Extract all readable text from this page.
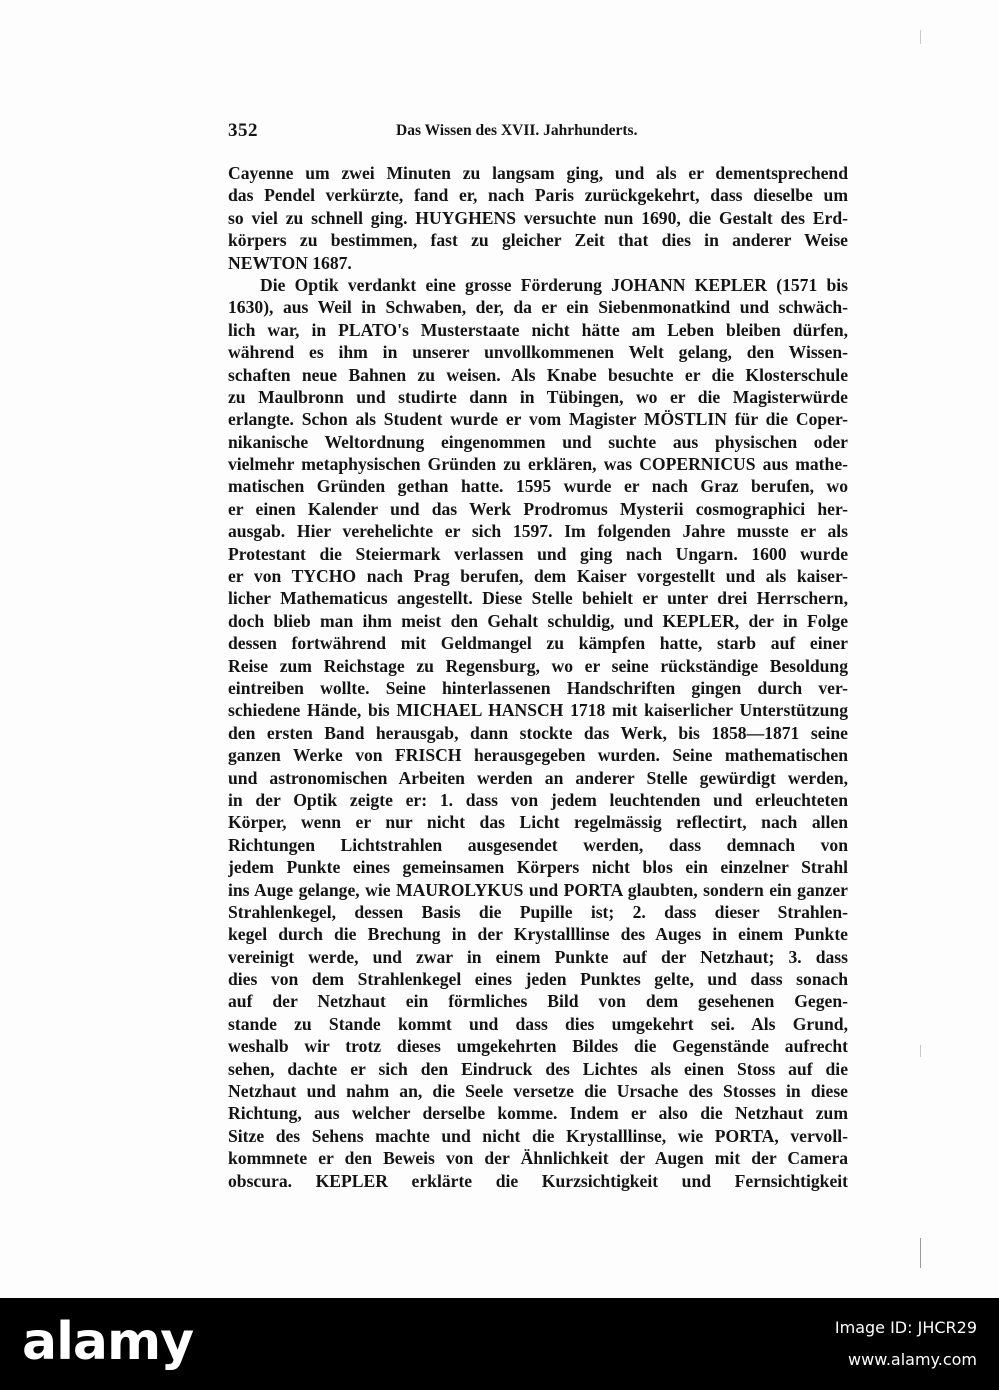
352	Das Wissen des XVII. Jahrhunderts.
Cayenne um zwei Minuten zu langsam ging, und als er dementsprechend
das Pendel verkürzte, fand er, nach Paris zurückgekehrt, dass dieselbe um
so viel zu schnell ging. HUYGHENS versuchte nun 1690, die Gestalt des Erd-
körpers zu bestimmen, fast zu gleicher Zeit that dies in anderer Weise
NEWTON 1687.
Die Optik verdankt eine grosse Förderung JOHANN KEPLER (1571 bis
1630), aus Weil in Schwaben, der, da er ein Siebenmonatkind und schwäch-
lich war, in PLATO's Musterstaate nicht hätte am Leben bleiben dürfen,
während es ihm in unserer unvollkommenen Welt gelang, den Wissen-
schaften neue Bahnen zu weisen. Als Knabe besuchte er die Klosterschule
zu Maulbronn und studirte dann in Tübingen, wo er die Magisterwürde
erlangte. Schon als Student wurde er vom Magister MÖSTLIN für die Coper-
nikanische Weltordnung eingenommen und suchte aus physischen oder
vielmehr metaphysischen Gründen zu erklären, was COPERNICUS aus mathe-
matischen Gründen gethan hatte. 1595 wurde er nach Graz berufen, wo
er einen Kalender und das Werk Prodromus Mysterii cosmographici her-
ausgab. Hier verehelichte er sich 1597. Im folgenden Jahre musste er als
Protestant die Steiermark verlassen und ging nach Ungarn. 1600 wurde
er von TYCHO nach Prag berufen, dem Kaiser vorgestellt und als kaiser-
licher Mathematicus angestellt. Diese Stelle behielt er unter drei Herrschern,
doch blieb man ihm meist den Gehalt schuldig, und KEPLER, der in Folge
dessen fortwährend mit Geldmangel zu kämpfen hatte, starb auf einer
Reise zum Reichstage zu Regensburg, wo er seine rückständige Besoldung
eintreiben wollte. Seine hinterlassenen Handschriften gingen durch ver-
schiedene Hände, bis MICHAEL HANSCH 1718 mit kaiserlicher Unterstützung
den ersten Band herausgab, dann stockte das Werk, bis 1858—1871 seine
ganzen Werke von FRISCH herausgegeben wurden. Seine mathematischen
und astronomischen Arbeiten werden an anderer Stelle gewürdigt werden,
in der Optik zeigte er: 1. dass von jedem leuchtenden und erleuchteten
Körper, wenn er nur nicht das Licht regelmässig reflectirt, nach allen
Richtungen Lichtstrahlen ausgesendet werden, dass demnach von
jedem Punkte eines gemeinsamen Körpers nicht blos ein einzelner Strahl
ins Auge gelange, wie MAUROLYKUS und PORTA glaubten, sondern ein ganzer
Strahlenkegel, dessen Basis die Pupille ist; 2. dass dieser Strahlen-
kegel durch die Brechung in der Krystalllinse des Auges in einem Punkte
vereinigt werde, und zwar in einem Punkte auf der Netzhaut; 3. dass
dies von dem Strahlenkegel eines jeden Punktes gelte, und dass sonach
auf der Netzhaut ein förmliches Bild von dem gesehenen Gegen-
stande zu Stande kommt und dass dies umgekehrt sei. Als Grund,
weshalb wir trotz dieses umgekehrten Bildes die Gegenstände aufrecht
sehen, dachte er sich den Eindruck des Lichtes als einen Stoss auf die
Netzhaut und nahm an, die Seele versetze die Ursache des Stosses in diese
Richtung, aus welcher derselbe komme. Indem er also die Netzhaut zum
Sitze des Sehens machte und nicht die Krystalllinse, wie PORTA, vervoll-
kommnete er den Beweis von der Ähnlichkeit der Augen mit der Camera
obscura. KEPLER erklärte die Kurzsichtigkeit und Fernsichtigkeit
alamy	Image ID: JHCR29
www.alamy.com
